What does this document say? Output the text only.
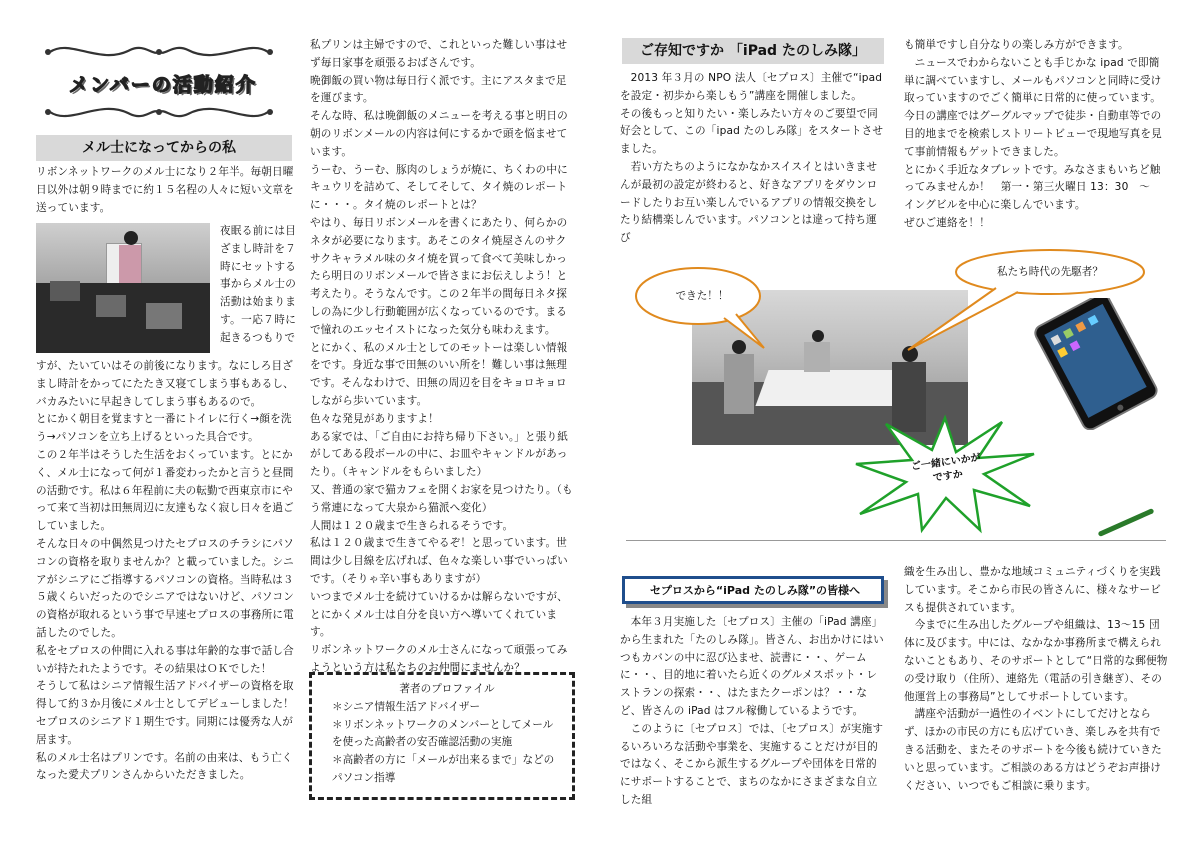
メンバーの活動紹介
メル士になってからの私
リボンネットワークのメル士になり２年半。毎朝日曜日以外は朝９時までに約１５名程の人々に短い文章を送っています。
夜眠る前には目ざまし時計を７時にセットする事からメル士の活動は始まります。一応７時に起きるつもりで

すが、たいていはその前後になります。なにしろ目ざまし時計をかってにたたき又寝てしまう事もあるし、バカみたいに早起きしてしまう事もあるので。

とにかく朝目を覚ますと一番にトイレに行く→顔を洗う→パソコンを立ち上げるといった具合です。

この２年半はそうした生活をおくっています。とにかく、メル士になって何が１番変わったかと言うと昼間の活動です。私は６年程前に夫の転勤で西東京市にやって来て当初は田無周辺に友達もなく寂し日々を過ごしていました。

そんな日々の中偶然見つけたセプロスのチラシにパソコンの資格を取りませんか？と載っていました。シニアがシニアにご指導するパソコンの資格。当時私は３５歳くらいだったのでシニアではないけど、パソコンの資格が取れるという事で早速セプロスの事務所に電話したのでした。

私をセプロスの仲間に入れる事は年齢的な事で話し合いが持たれたようです。その結果はＯＫでした！

そうして私はシニア情報生活アドバイザーの資格を取得して約３か月後にメル士としてデビューしました！セプロスのシニアド１期生です。同期には優秀な人が居ます。

私のメル士名はプリンです。名前の由来は、もう亡くなった愛犬プリンさんからいただきました。

私プリンは主婦ですので、これといった難しい事はせず毎日家事を頑張るおばさんです。

晩御飯の買い物は毎日行く派です。主にアスタまで足を運びます。

そんな時、私は晩御飯のメニューを考える事と明日の朝のリボンメールの内容は何にするかで頭を悩ませています。

うーむ、うーむ、豚肉のしょうが焼に、ちくわの中にキュウリを詰めて、そしてそして、タイ焼のレポートに・・・。タイ焼のレポートとは？

やはり、毎日リボンメールを書くにあたり、何らかのネタが必要になります。あそこのタイ焼屋さんのサクサクキャラメル味のタイ焼を買って食べて美味しかったら明日のリボンメールで皆さまにお伝えしよう！と考えたり。そうなんです。この２年半の間毎日ネタ探しの為に少し行動範囲が広くなっているのです。まるで憧れのエッセイストになった気分も味わえます。

とにかく、私のメル士としてのモットーは楽しい情報をです。身近な事で田無のいい所を！難しい事は無理です。そんなわけで、田無の周辺を目をキョロキョロしながら歩いています。

色々な発見がありますよ！

ある家では、「ご自由にお持ち帰り下さい。」と張り紙がしてある段ボールの中に、お皿やキャンドルがあったり。（キャンドルをもらいました）

又、普通の家で猫カフェを開くお家を見つけたり。（も う常連になって大泉から猫派へ変化）

人間は１２０歳まで生きられるそうです。

私は１２０歳まで生きてやるぞ！と思っています。世間は少し目線を広げれば、色々な楽しい事でいっぱいです。（そりゃ辛い事もありますが）

いつまでメル士を続けていけるかは解らないですが、とにかくメル士は自分を良い方へ導いてくれています。

リボンネットワークのメル士さんになって頑張ってみようという方は私たちのお仲間にませんか？

著者のプロファイル

＊シニア情報生活アドバイザー

＊リボンネットワークのメンバーとしてメールを使った高齢者の安否確認活動の実施

＊高齢者の方に「メールが出来るまで」などのパソコン指導

ご存知ですか 「iPad たのしみ隊」

2013 年３月の NPO 法人〔セプロス〕主催で“ipad を設定・初歩から楽しもう”講座を開催しました。

その後もっと知りたい・楽しみたい方々のご要望で同好会として、この「ipad たのしみ隊」をスタートさせました。

若い方たちのようになかなかスイスイとはいきませんが最初の設定が終わると、好きなアプリをダウンロードしたりお互い楽しんでいるアプリの情報交換をしたり結構楽しんでいます。パソコンとは違って持ち運び

も簡単ですし自分なりの楽しみ方ができます。

ニュースでわからないことも手じかな ipad で即簡単に調べていますし、メールもパソコンと同時に受け取っていますのでごく簡単に日常的に使っています。

今日の講座ではグーグルマップで徒歩・自動車等での目的地までを検索しストリートビューで現地写真を見て事前情報もゲットできました。

とにかく手近なタブレットです。みなさまもいちど触ってみませんか！　第一・第三火曜日 13：30　～　イングビルを中心に楽しんでいます。

ぜひご連絡を！！

できた！！
私たち時代の先駆者？
ご一緒にいかがですか
セプロスから“iPad たのしみ隊”の皆様へ

本年３月実施した〔セプロス〕主催の「iPad 講座」から生まれた「たのしみ隊」。皆さん、お出かけにはいつもカバンの中に忍び込ませ、読書に・・、ゲームに・・、目的地に着いたら近くのグルメスポット・レストランの探索・・、はたまたクーポンは？・・など、皆さんの iPad はフル稼働しているようです。

このように〔セプロス〕では、〔セプロス〕が実施するいろいろな活動や事業を、実施することだけが目的ではなく、そこから派生するグループや団体を日常的にサポートすることで、まちのなかにさまざまな自立した組

織を生み出し、豊かな地域コミュニティづくりを実践しています。そこから市民の皆さんに、様々なサービスも提供されています。

今までに生み出したグループや組織は、13～15 団体に及びます。中には、なかなか事務所まで構えられないこともあり、そのサポートとして“日常的な郵便物の受け取り（住所）、連絡先（電話の引き継ぎ）、その他運営上の事務局”としてサポートしています。

講座や活動が一過性のイベントにしてだけとならず、ほかの市民の方にも広げていき、楽しみを共有できる活動を、またそのサポートを今後も続けていきたいと思っています。ご相談のある方はどうぞお声掛けください、いつでもご相談に乗ります。
